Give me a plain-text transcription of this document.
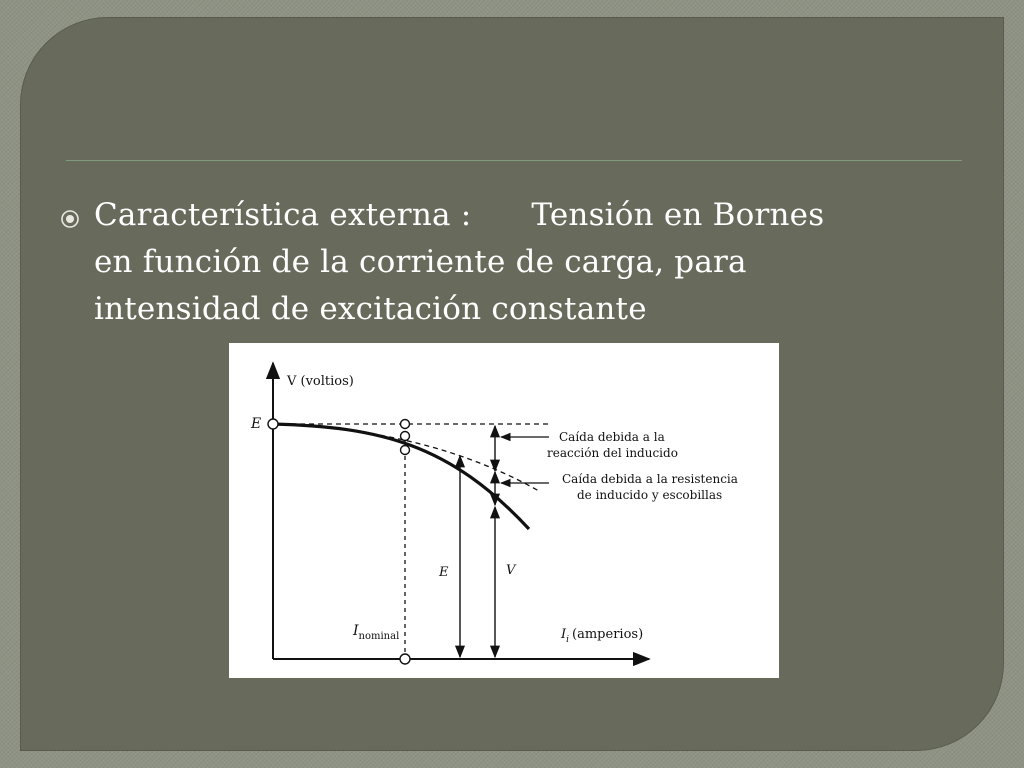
Característica externa : Tensión en Bornes
en función de la corriente de carga, para
intensidad de excitación constante
V (voltios)
E
E	V
$I_{nominal}$	$I_i$ (amperios)
Caída debida a la
reacción del inducido
Caída debida a la resistencia
de inducido y escobillas
